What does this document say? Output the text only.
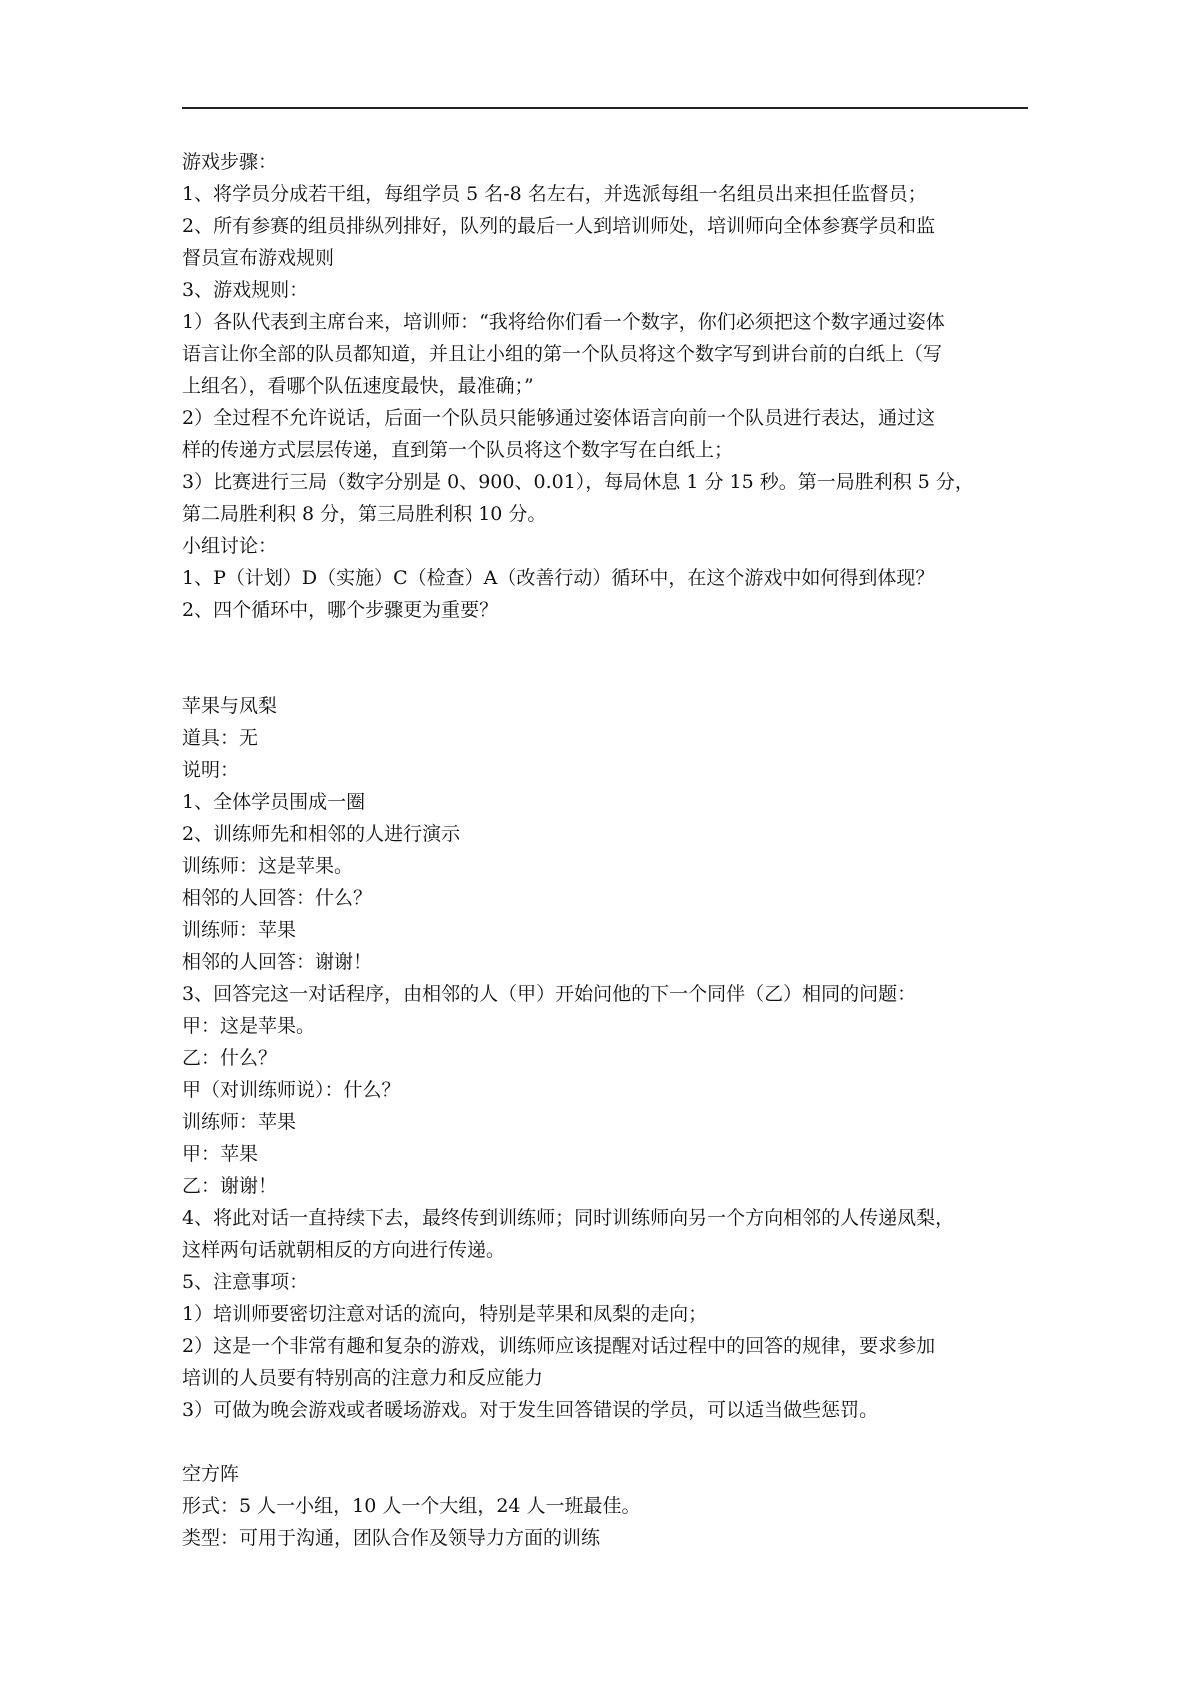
游戏步骤：
1、将学员分成若干组，每组学员 5 名-8 名左右，并选派每组一名组员出来担任监督员；
2、所有参赛的组员排纵列排好，队列的最后一人到培训师处，培训师向全体参赛学员和监
督员宣布游戏规则
3、游戏规则：
1）各队代表到主席台来，培训师：“我将给你们看一个数字，你们必须把这个数字通过姿体
语言让你全部的队员都知道，并且让小组的第一个队员将这个数字写到讲台前的白纸上（写
上组名），看哪个队伍速度最快，最准确；”
2）全过程不允许说话，后面一个队员只能够通过姿体语言向前一个队员进行表达，通过这
样的传递方式层层传递，直到第一个队员将这个数字写在白纸上；
3）比赛进行三局（数字分别是 0、900、0.01），每局休息 1 分 15 秒。第一局胜利积 5 分，
第二局胜利积 8 分，第三局胜利积 10 分。
小组讨论：
1、P（计划）D（实施）C（检查）A（改善行动）循环中，在这个游戏中如何得到体现？
2、四个循环中，哪个步骤更为重要？
苹果与凤梨
道具：无
说明：
1、全体学员围成一圈
2、训练师先和相邻的人进行演示
训练师：这是苹果。
相邻的人回答：什么？
训练师：苹果
相邻的人回答：谢谢！
3、回答完这一对话程序，由相邻的人（甲）开始问他的下一个同伴（乙）相同的问题：
甲：这是苹果。
乙：什么？
甲（对训练师说）：什么？
训练师：苹果
甲：苹果
乙：谢谢！
4、将此对话一直持续下去，最终传到训练师；同时训练师向另一个方向相邻的人传递凤梨，
这样两句话就朝相反的方向进行传递。
5、注意事项：
1）培训师要密切注意对话的流向，特别是苹果和凤梨的走向；
2）这是一个非常有趣和复杂的游戏，训练师应该提醒对话过程中的回答的规律，要求参加
培训的人员要有特别高的注意力和反应能力
3）可做为晚会游戏或者暖场游戏。对于发生回答错误的学员，可以适当做些惩罚。
空方阵
形式：5 人一小组，10 人一个大组，24 人一班最佳。
类型：可用于沟通，团队合作及领导力方面的训练
